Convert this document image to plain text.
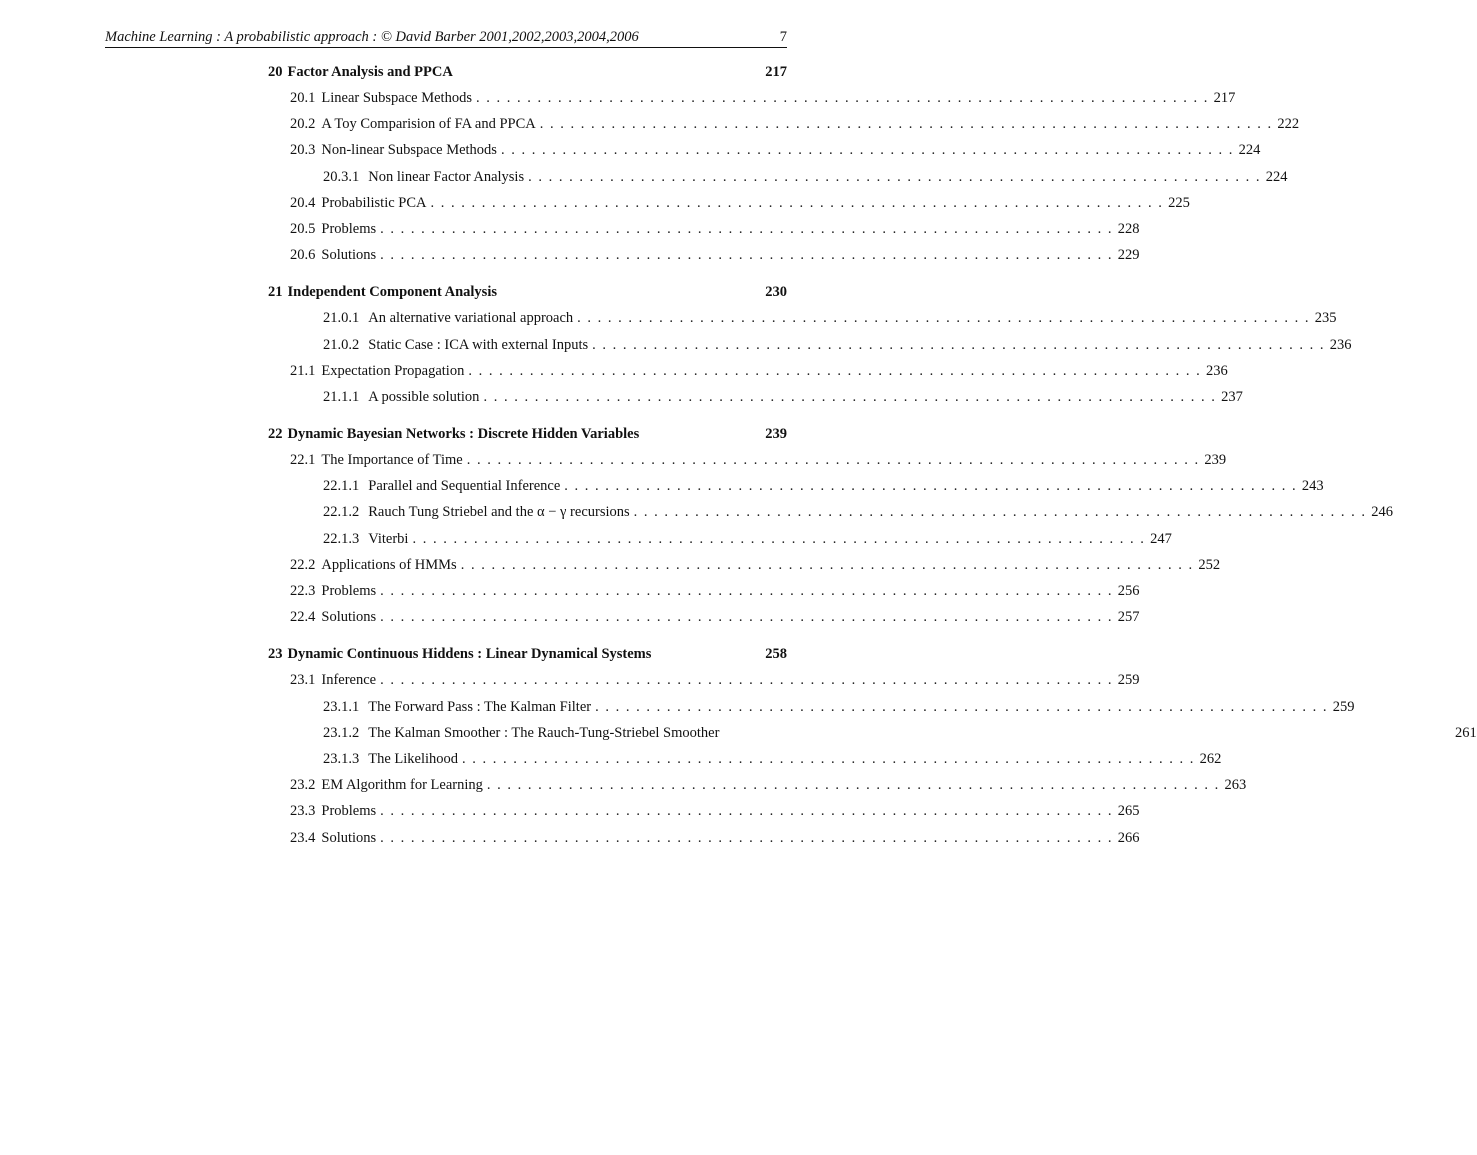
Machine Learning : A probabilistic approach : © David Barber 2001,2002,2003,2004,2006	7
20 Factor Analysis and PPCA	217
20.1 Linear Subspace Methods . . .	217
20.2 A Toy Comparision of FA and PPCA . . .	222
20.3 Non-linear Subspace Methods . . .	224
20.3.1 Non linear Factor Analysis . . .	224
20.4 Probabilistic PCA . . .	225
20.5 Problems . . .	228
20.6 Solutions . . .	229
21 Independent Component Analysis	230
21.0.1 An alternative variational approach . . .	235
21.0.2 Static Case : ICA with external Inputs . . .	236
21.1 Expectation Propagation . . .	236
21.1.1 A possible solution . . .	237
22 Dynamic Bayesian Networks : Discrete Hidden Variables	239
22.1 The Importance of Time . . .	239
22.1.1 Parallel and Sequential Inference . . .	243
22.1.2 Rauch Tung Striebel and the α − γ recursions . . .	246
22.1.3 Viterbi . . .	247
22.2 Applications of HMMs . . .	252
22.3 Problems . . .	256
22.4 Solutions . . .	257
23 Dynamic Continuous Hiddens : Linear Dynamical Systems	258
23.1 Inference . . .	259
23.1.1 The Forward Pass : The Kalman Filter . . .	259
23.1.2 The Kalman Smoother : The Rauch-Tung-Striebel Smoother	261
23.1.3 The Likelihood . . .	262
23.2 EM Algorithm for Learning . . .	263
23.3 Problems . . .	265
23.4 Solutions . . .	266
